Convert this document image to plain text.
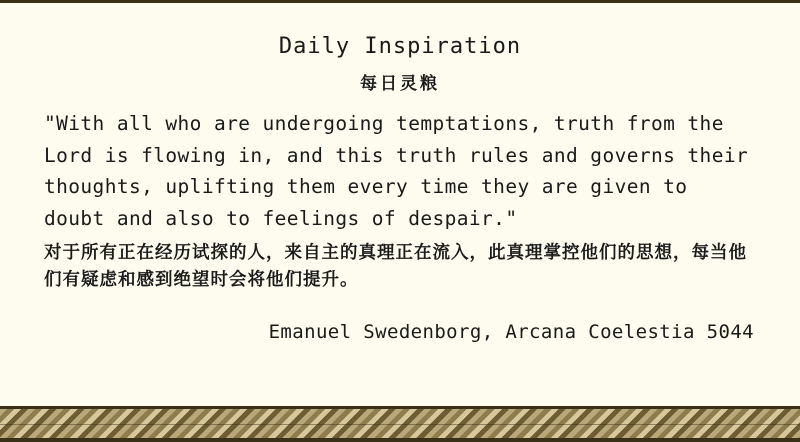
Daily Inspiration
每日灵粮
"With all who are undergoing temptations, truth from the Lord is flowing in, and this truth rules and governs their thoughts, uplifting them every time they are given to doubt and also to feelings of despair."
对于所有正在经历试探的人，来自主的真理正在流入，此真理掌控他们的思想，每当他们有疑虑和感到绝望时会将他们提升。
Emanuel Swedenborg, Arcana Coelestia 5044
